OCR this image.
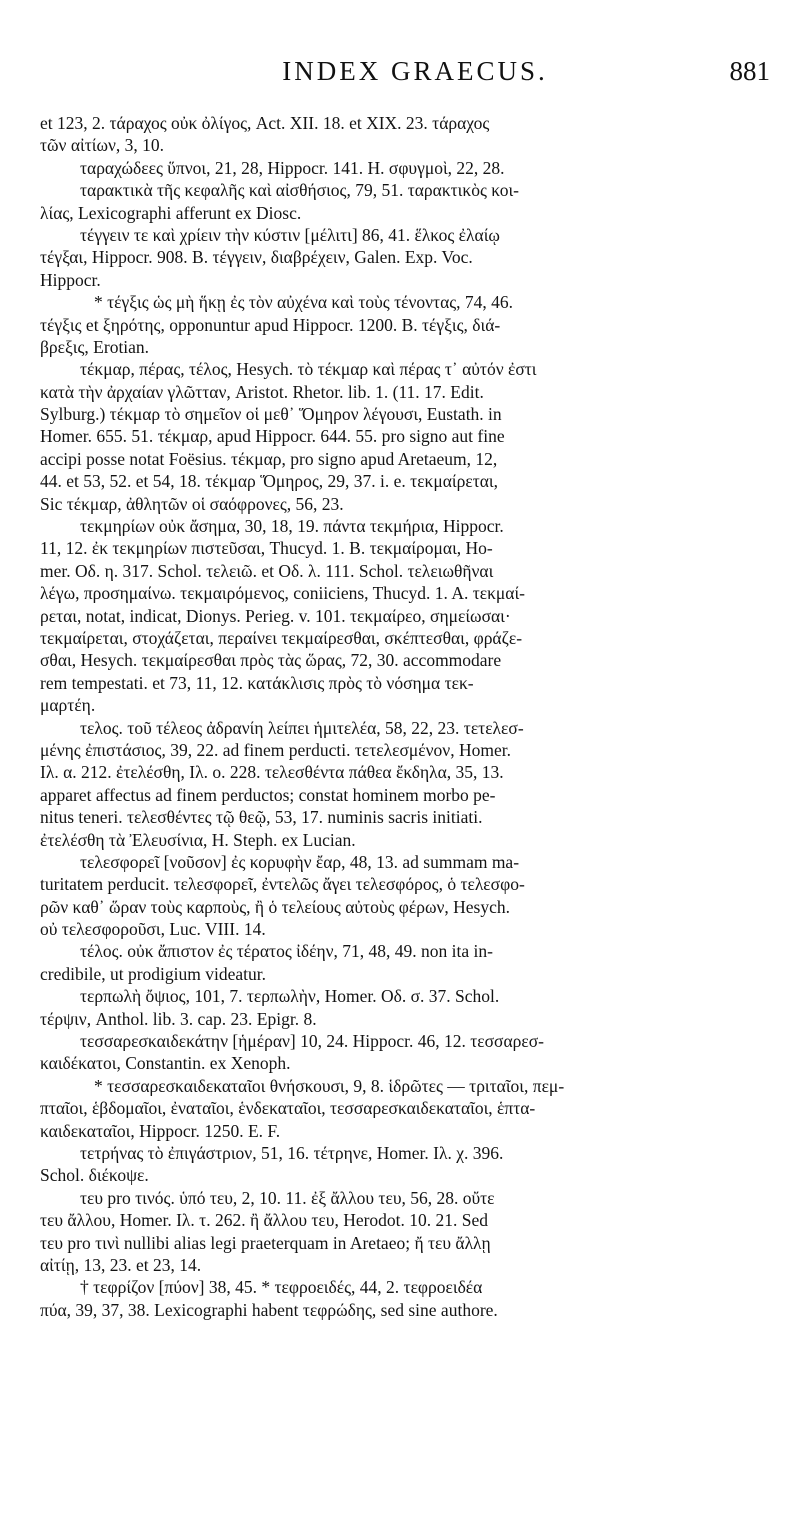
INDEX GRAECUS.	881
et 123, 2. τάραχος οὐκ ὀλίγος, Act. XII. 18. et XIX. 23. τάραχος
τῶν αἰτίων, 3, 10.
ταραχώδεες ὕπνοι, 21, 28, Hippocr. 141. H. σφυγμοὶ, 22, 28.
ταρακτικὰ τῆς κεφαλῆς καὶ αἰσθήσιος, 79, 51. ταρακτικὸς κοι-
λίας, Lexicographi afferunt ex Diosc.
τέγγειν τε καὶ χρίειν τὴν κύστιν [μέλιτι] 86, 41. ἕλκος ἐλαίῳ
τέγξαι, Hippocr. 908. B. τέγγειν, διαβρέχειν, Galen. Exp. Voc.
Hippocr.
* τέγξις ὡς μὴ ἥκῃ ἐς τὸν αὐχένα καὶ τοὺς τένοντας, 74, 46.
τέγξις et ξηρότης, opponuntur apud Hippocr. 1200. B. τέγξις, διά-
βρεξις, Erotian.
τέκμαρ, πέρας, τέλος, Hesych. τὸ τέκμαρ καὶ πέρας τ᾽ αὐτόν ἐστι
κατὰ τὴν ἀρχαίαν γλῶτταν, Aristot. Rhetor. lib. 1. (11. 17. Edit.
Sylburg.) τέκμαρ τὸ σημεῖον οἱ μεθ᾽ Ὅμηρον λέγουσι, Eustath. in
Homer. 655. 51. τέκμαρ, apud Hippocr. 644. 55. pro signo aut fine
accipi posse notat Foësius. τέκμαρ, pro signo apud Aretaeum, 12,
44. et 53, 52. et 54, 18. τέκμαρ Ὅμηρος, 29, 37. i. e. τεκμαίρεται,
Sic τέκμαρ, ἀθλητῶν οἱ σαόφρονες, 56, 23.
τεκμηρίων οὐκ ἄσημα, 30, 18, 19. πάντα τεκμήρια, Hippocr.
11, 12. ἐκ τεκμηρίων πιστεῦσαι, Thucyd. 1. B. τεκμαίρομαι, Ho-
mer. Οδ. η. 317. Schol. τελειῶ. et Οδ. λ. 111. Schol. τελειωθῆναι
λέγω, προσημαίνω. τεκμαιρόμενος, coniiciens, Thucyd. 1. A. τεκμαί-
ρεται, notat, indicat, Dionys. Perieg. v. 101. τεκμαίρεο, σημείωσαι·
τεκμαίρεται, στοχάζεται, περαίνει τεκμαίρεσθαι, σκέπτεσθαι, φράζε-
σθαι, Hesych. τεκμαίρεσθαι πρὸς τὰς ὥρας, 72, 30. accommodare
rem tempestati. et 73, 11, 12. κατάκλισις πρὸς τὸ νόσημα τεκ-
μαρτέη.
τελος. τοῦ τέλεος ἀδρανίη λείπει ἡμιτελέα, 58, 22, 23. τετελεσ-
μένης ἐπιστάσιος, 39, 22. ad finem perducti. τετελεσμένον, Homer.
Ιλ. α. 212. ἐτελέσθη, Ιλ. ο. 228. τελεσθέντα πάθεα ἔκδηλα, 35, 13.
apparet affectus ad finem perductos; constat hominem morbo pe-
nitus teneri. τελεσθέντες τῷ θεῷ, 53, 17. numinis sacris initiati.
ἐτελέσθη τὰ Ἐλευσίνια, H. Steph. ex Lucian.
τελεσφορεῖ [νοῦσον] ἐς κορυφὴν ἔαρ, 48, 13. ad summam ma-
turitatem perducit. τελεσφορεῖ, ἐντελῶς ἄγει τελεσφόρος, ὁ τελεσφο-
ρῶν καθ᾽ ὥραν τοὺς καρποὺς, ἢ ὁ τελείους αὐτοὺς φέρων, Hesych.
οὐ τελεσφοροῦσι, Luc. VIII. 14.
τέλος. οὐκ ἄπιστον ἐς τέρατος ἰδέην, 71, 48, 49. non ita in-
credibile, ut prodigium videatur.
τερπωλὴ ὄψιος, 101, 7. τερπωλὴν, Homer. Οδ. σ. 37. Schol.
τέρψιν, Anthol. lib. 3. cap. 23. Epigr. 8.
τεσσαρεσκαιδεκάτην [ἡμέραν] 10, 24. Hippocr. 46, 12. τεσσαρεσ-
καιδέκατοι, Constantin. ex Xenoph.
* τεσσαρεσκαιδεκαταῖοι θνήσκουσι, 9, 8. ἱδρῶτες — τριταῖοι, πεμ-
πταῖοι, ἑβδομαῖοι, ἐναταῖοι, ἑνδεκαταῖοι, τεσσαρεσκαιδεκαταῖοι, ἑπτα-
καιδεκαταῖοι, Hippocr. 1250. E. F.
τετρήνας τὸ ἐπιγάστριον, 51, 16. τέτρηνε, Homer. Ιλ. χ. 396.
Schol. διέκοψε.
τευ pro τινός. ὑπό τευ, 2, 10. 11. ἐξ ἄλλου τευ, 56, 28. οὔτε
τευ ἄλλου, Homer. Ιλ. τ. 262. ἢ ἄλλου τευ, Herodot. 10. 21. Sed
τευ pro τινὶ nullibi alias legi praeterquam in Aretaeo; ἤ τευ ἄλλῃ
αἰτίῃ, 13, 23. et 23, 14.
† τεφρίζον [πύον] 38, 45. * τεφροειδές, 44, 2. τεφροειδέα
πύα, 39, 37, 38. Lexicographi habent τεφρώδης, sed sine authore.
